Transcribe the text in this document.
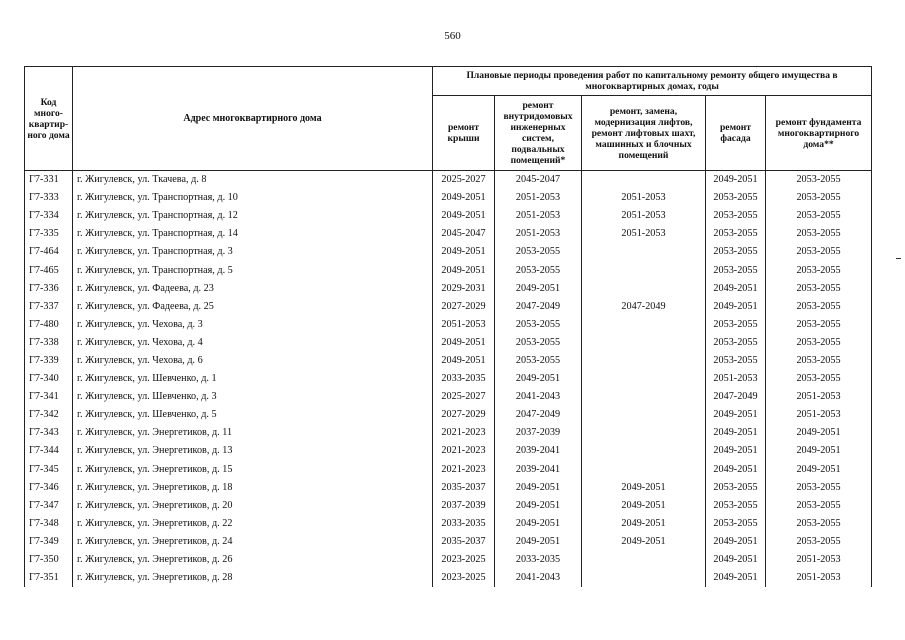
560
Код много-квартир-ного дома	Адрес многоквартирного дома	Плановые периоды проведения работ по капитальному ремонту общего имущества в многоквартирных домах, годы				
		ремонт крыши	ремонт внутридомовых инженерных систем, подвальных помещений*	ремонт, замена, модернизация лифтов, ремонт лифтовых шахт, машинных и блочных помещений	ремонт фасада	ремонт фундамента многоквартирного дома**
Г7-331	г. Жигулевск, ул. Ткачева, д. 8	2025-2027	2045-2047		2049-2051	2053-2055
Г7-333	г. Жигулевск, ул. Транспортная, д. 10	2049-2051	2051-2053	2051-2053	2053-2055	2053-2055
Г7-334	г. Жигулевск, ул. Транспортная, д. 12	2049-2051	2051-2053	2051-2053	2053-2055	2053-2055
Г7-335	г. Жигулевск, ул. Транспортная, д. 14	2045-2047	2051-2053	2051-2053	2053-2055	2053-2055
Г7-464	г. Жигулевск, ул. Транспортная, д. 3	2049-2051	2053-2055		2053-2055	2053-2055
Г7-465	г. Жигулевск, ул. Транспортная, д. 5	2049-2051	2053-2055		2053-2055	2053-2055
Г7-336	г. Жигулевск, ул. Фадеева, д. 23	2029-2031	2049-2051		2049-2051	2053-2055
Г7-337	г. Жигулевск, ул. Фадеева, д. 25	2027-2029	2047-2049	2047-2049	2049-2051	2053-2055
Г7-480	г. Жигулевск, ул. Чехова, д. 3	2051-2053	2053-2055		2053-2055	2053-2055
Г7-338	г. Жигулевск, ул. Чехова, д. 4	2049-2051	2053-2055		2053-2055	2053-2055
Г7-339	г. Жигулевск, ул. Чехова, д. 6	2049-2051	2053-2055		2053-2055	2053-2055
Г7-340	г. Жигулевск, ул. Шевченко, д. 1	2033-2035	2049-2051		2051-2053	2053-2055
Г7-341	г. Жигулевск, ул. Шевченко, д. 3	2025-2027	2041-2043		2047-2049	2051-2053
Г7-342	г. Жигулевск, ул. Шевченко, д. 5	2027-2029	2047-2049		2049-2051	2051-2053
Г7-343	г. Жигулевск, ул. Энергетиков, д. 11	2021-2023	2037-2039		2049-2051	2049-2051
Г7-344	г. Жигулевск, ул. Энергетиков, д. 13	2021-2023	2039-2041		2049-2051	2049-2051
Г7-345	г. Жигулевск, ул. Энергетиков, д. 15	2021-2023	2039-2041		2049-2051	2049-2051
Г7-346	г. Жигулевск, ул. Энергетиков, д. 18	2035-2037	2049-2051	2049-2051	2053-2055	2053-2055
Г7-347	г. Жигулевск, ул. Энергетиков, д. 20	2037-2039	2049-2051	2049-2051	2053-2055	2053-2055
Г7-348	г. Жигулевск, ул. Энергетиков, д. 22	2033-2035	2049-2051	2049-2051	2053-2055	2053-2055
Г7-349	г. Жигулевск, ул. Энергетиков, д. 24	2035-2037	2049-2051	2049-2051	2049-2051	2053-2055
Г7-350	г. Жигулевск, ул. Энергетиков, д. 26	2023-2025	2033-2035		2049-2051	2051-2053
Г7-351	г. Жигулевск, ул. Энергетиков, д. 28	2023-2025	2041-2043		2049-2051	2051-2053
